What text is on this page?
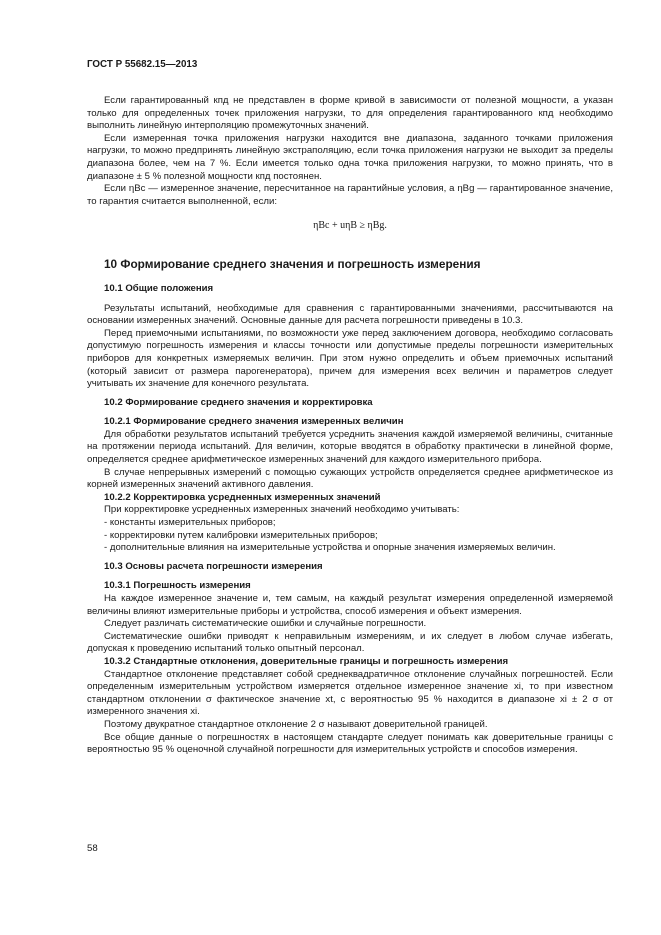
ГОСТ Р 55682.15—2013

Если гарантированный кпд не представлен в форме кривой в зависимости от полезной мощности, а указан только для определенных точек приложения нагрузки, то для определения гарантированного кпд необходимо выполнить линейную интерполяцию промежуточных значений.

Если измеренная точка приложения нагрузки находится вне диапазона, заданного точками приложения нагрузки, то можно предпринять линейную экстраполяцию, если точка приложения нагрузки не выходит за пределы диапазона более, чем на 7 %. Если имеется только одна точка приложения нагрузки, то можно принять, что в диапазоне ± 5 % полезной мощности кпд постоянен.

Если ηBc — измеренное значение, пересчитанное на гарантийные условия, а ηBg — гарантированное значение, то гарантия считается выполненной, если:

ηBc + uηB ≥ ηBg.
10 Формирование среднего значения и погрешность измерения
10.1 Общие положения

Результаты испытаний, необходимые для сравнения с гарантированными значениями, рассчитываются на основании измеренных значений. Основные данные для расчета погрешности приведены в 10.3.

Перед приемочными испытаниями, по возможности уже перед заключением договора, необходимо согласовать допустимую погрешность измерения и классы точности или допустимые пределы погрешности измерительных приборов для конкретных измеряемых величин. При этом нужно определить и объем приемочных испытаний (который зависит от размера парогенератора), причем для измерения всех величин и параметров следует учитывать их значение для конечного результата.

10.2 Формирование среднего значения и корректировка
10.2.1 Формирование среднего значения измеренных величин

Для обработки результатов испытаний требуется усреднить значения каждой измеряемой величины, считанные на протяжении периода испытаний. Для величин, которые вводятся в обработку практически в линейной форме, определяется среднее арифметическое измеренных значений для каждого измерительного прибора.

В случае непрерывных измерений с помощью сужающих устройств определяется среднее арифметическое из корней измеренных значений активного давления.

10.2.2 Корректировка усредненных измеренных значений

При корректировке усредненных измеренных значений необходимо учитывать:

- константы измерительных приборов;
- корректировки путем калибровки измерительных приборов;
- дополнительные влияния на измерительные устройства и опорные значения измеряемых величин.
10.3 Основы расчета погрешности измерения
10.3.1 Погрешность измерения

На каждое измеренное значение и, тем самым, на каждый результат измерения определенной измеряемой величины влияют измерительные приборы и устройства, способ измерения и объект измерения.

Следует различать систематические ошибки и случайные погрешности.

Систематические ошибки приводят к неправильным измерениям, и их следует в любом случае избегать, допуская к проведению испытаний только опытный персонал.

10.3.2 Стандартные отклонения, доверительные границы и погрешность измерения

Стандартное отклонение представляет собой среднеквадратичное отклонение случайных погрешностей. Если определенным измерительным устройством измеряется отдельное измеренное значение xi, то при известном стандартном отклонении σ фактическое значение xt, с вероятностью 95 % находится в диапазоне xi ± 2 σ от измеренного значения xi.

Поэтому двукратное стандартное отклонение 2 σ называют доверительной границей.

Все общие данные о погрешностях в настоящем стандарте следует понимать как доверительные границы с вероятностью 95 % оценочной случайной погрешности для измерительных устройств и способов измерения.

58
